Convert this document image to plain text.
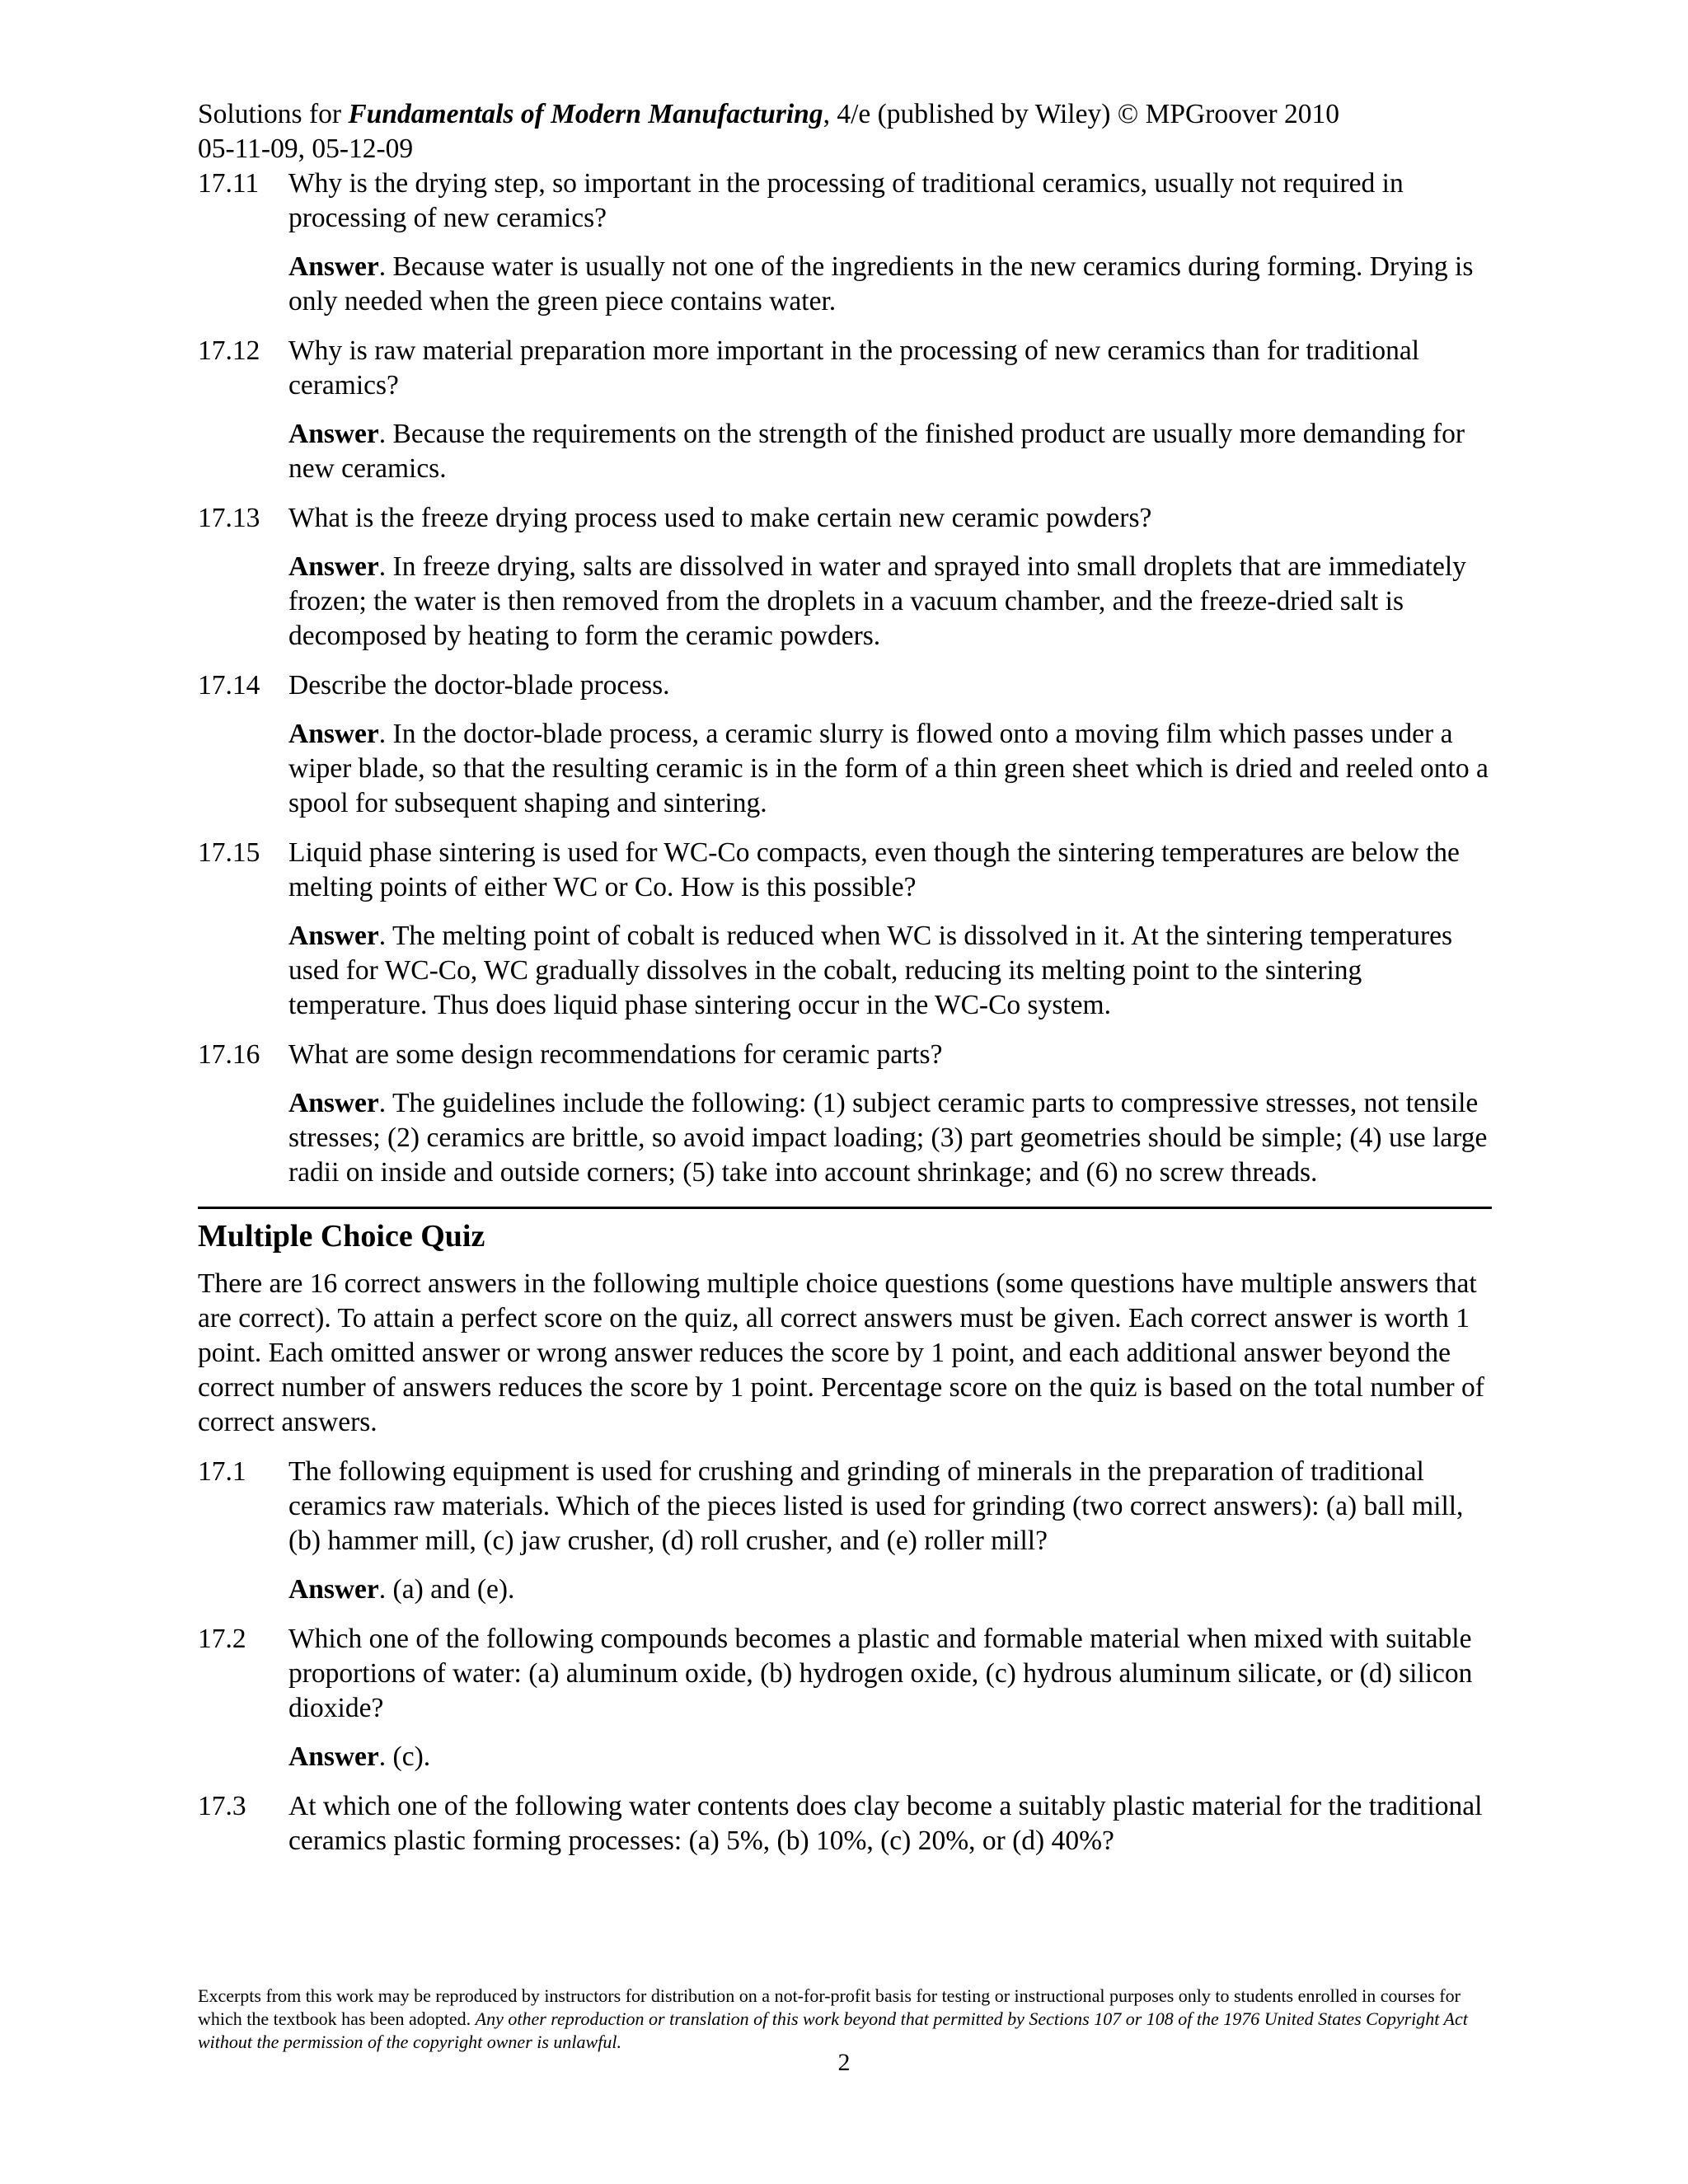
Solutions for Fundamentals of Modern Manufacturing, 4/e (published by Wiley) © MPGroover 2010
05-11-09, 05-12-09
17.11	Why is the drying step, so important in the processing of traditional ceramics, usually not required in processing of new ceramics?

Answer. Because water is usually not one of the ingredients in the new ceramics during forming. Drying is only needed when the green piece contains water.

17.12	Why is raw material preparation more important in the processing of new ceramics than for traditional ceramics?

Answer. Because the requirements on the strength of the finished product are usually more demanding for new ceramics.

17.13	What is the freeze drying process used to make certain new ceramic powders?

Answer. In freeze drying, salts are dissolved in water and sprayed into small droplets that are immediately frozen; the water is then removed from the droplets in a vacuum chamber, and the freeze-dried salt is decomposed by heating to form the ceramic powders.

17.14	Describe the doctor-blade process.

Answer. In the doctor-blade process, a ceramic slurry is flowed onto a moving film which passes under a wiper blade, so that the resulting ceramic is in the form of a thin green sheet which is dried and reeled onto a spool for subsequent shaping and sintering.

17.15	Liquid phase sintering is used for WC-Co compacts, even though the sintering temperatures are below the melting points of either WC or Co. How is this possible?

Answer. The melting point of cobalt is reduced when WC is dissolved in it. At the sintering temperatures used for WC-Co, WC gradually dissolves in the cobalt, reducing its melting point to the sintering temperature. Thus does liquid phase sintering occur in the WC-Co system.

17.16	What are some design recommendations for ceramic parts?

Answer. The guidelines include the following: (1) subject ceramic parts to compressive stresses, not tensile stresses; (2) ceramics are brittle, so avoid impact loading; (3) part geometries should be simple; (4) use large radii on inside and outside corners; (5) take into account shrinkage; and (6) no screw threads.

Multiple Choice Quiz

There are 16 correct answers in the following multiple choice questions (some questions have multiple answers that are correct). To attain a perfect score on the quiz, all correct answers must be given. Each correct answer is worth 1 point. Each omitted answer or wrong answer reduces the score by 1 point, and each additional answer beyond the correct number of answers reduces the score by 1 point. Percentage score on the quiz is based on the total number of correct answers.

17.1	The following equipment is used for crushing and grinding of minerals in the preparation of traditional ceramics raw materials. Which of the pieces listed is used for grinding (two correct answers): (a) ball mill, (b) hammer mill, (c) jaw crusher, (d) roll crusher, and (e) roller mill?

Answer. (a) and (e).

17.2	Which one of the following compounds becomes a plastic and formable material when mixed with suitable proportions of water: (a) aluminum oxide, (b) hydrogen oxide, (c) hydrous aluminum silicate, or (d) silicon dioxide?

Answer. (c).

17.3	At which one of the following water contents does clay become a suitably plastic material for the traditional ceramics plastic forming processes: (a) 5%, (b) 10%, (c) 20%, or (d) 40%?

Excerpts from this work may be reproduced by instructors for distribution on a not-for-profit basis for testing or instructional purposes only to students enrolled in courses for which the textbook has been adopted. Any other reproduction or translation of this work beyond that permitted by Sections 107 or 108 of the 1976 United States Copyright Act without the permission of the copyright owner is unlawful.
2
